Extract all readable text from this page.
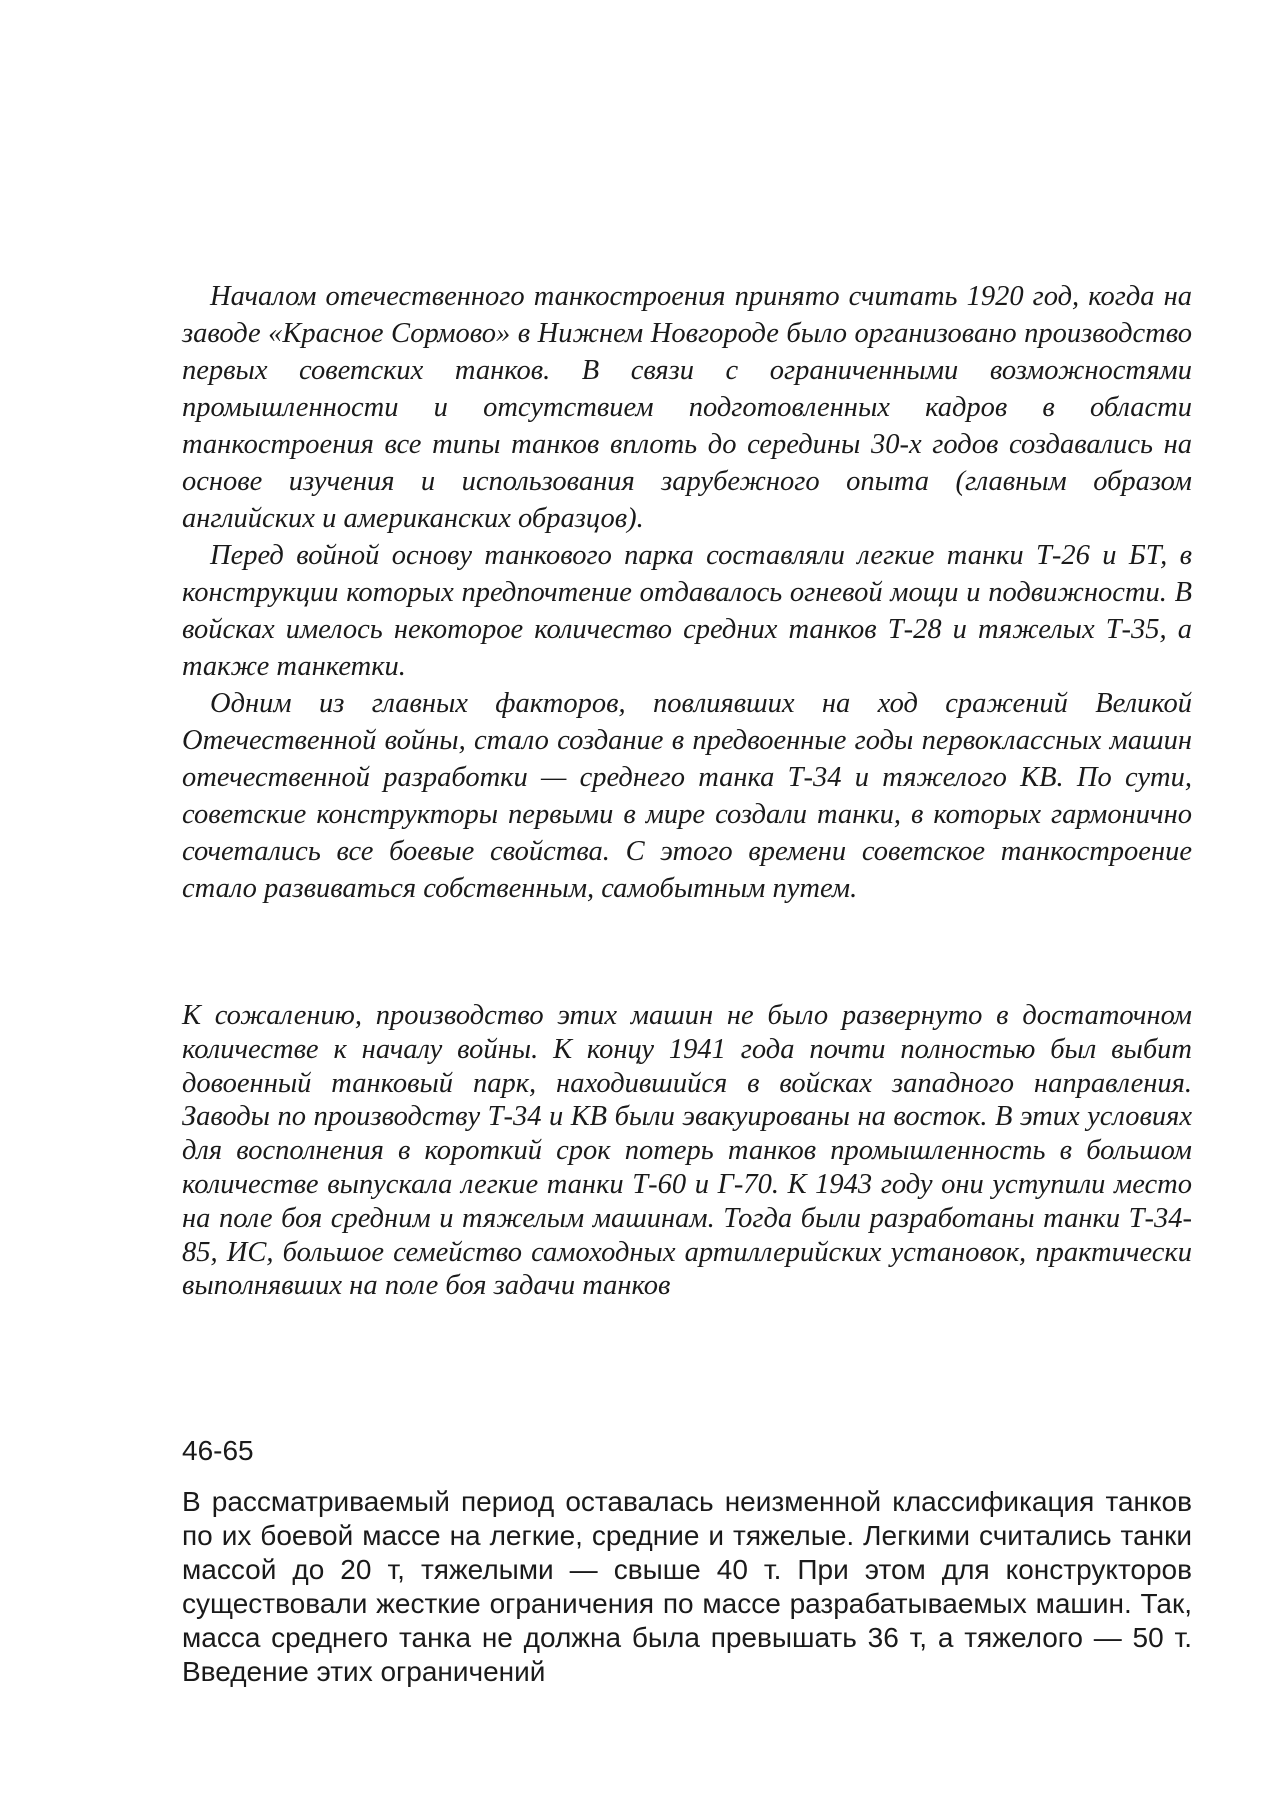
Началом отечественного танкостроения принято считать 1920 год, когда на заводе «Красное Сормово» в Нижнем Новгороде было организовано производство первых советских танков. В связи с ограниченными возможностями промышленности и отсутствием подготовленных кадров в области танкостроения все типы танков вплоть до середины 30-х годов создавались на основе изучения и использования зарубежного опыта (главным образом английских и американских образцов).

Перед войной основу танкового парка составляли легкие танки Т-26 и БТ, в конструкции которых предпочтение отдавалось огневой мощи и подвижности. В войсках имелось некоторое количество средних танков Т-28 и тяжелых Т-35, а также танкетки.

Одним из главных факторов, повлиявших на ход сражений Великой Отечественной войны, стало создание в предвоенные годы первоклассных машин отечественной разработки — среднего танка Т-34 и тяжелого КВ. По сути, советские конструкторы первыми в мире создали танки, в которых гармонично сочетались все боевые свойства. С этого времени советское танкостроение стало развиваться собственным, самобытным путем.

К сожалению, производство этих машин не было развернуто в достаточном количестве к началу войны. К концу 1941 года почти полностью был выбит довоенный танковый парк, находившийся в войсках западного направления. Заводы по производству Т-34 и КВ были эвакуированы на восток. В этих условиях для восполнения в короткий срок потерь танков промышленность в большом количестве выпускала легкие танки Т-60 и Г-70. К 1943 году они уступили место на поле боя средним и тяжелым машинам. Тогда были разработаны танки Т-34-85, ИС, большое семейство самоходных артиллерийских установок, практически выполнявших на поле боя задачи танков

46-65

В рассматриваемый период оставалась неизменной классификация танков по их боевой массе на легкие, средние и тяжелые. Легкими считались танки массой до 20 т, тяжелыми — свыше 40 т. При этом для конструкторов существовали жесткие ограничения по массе разрабатываемых машин. Так, масса среднего танка не должна была превышать 36 т, а тяжелого — 50 т. Введение этих ограничений
